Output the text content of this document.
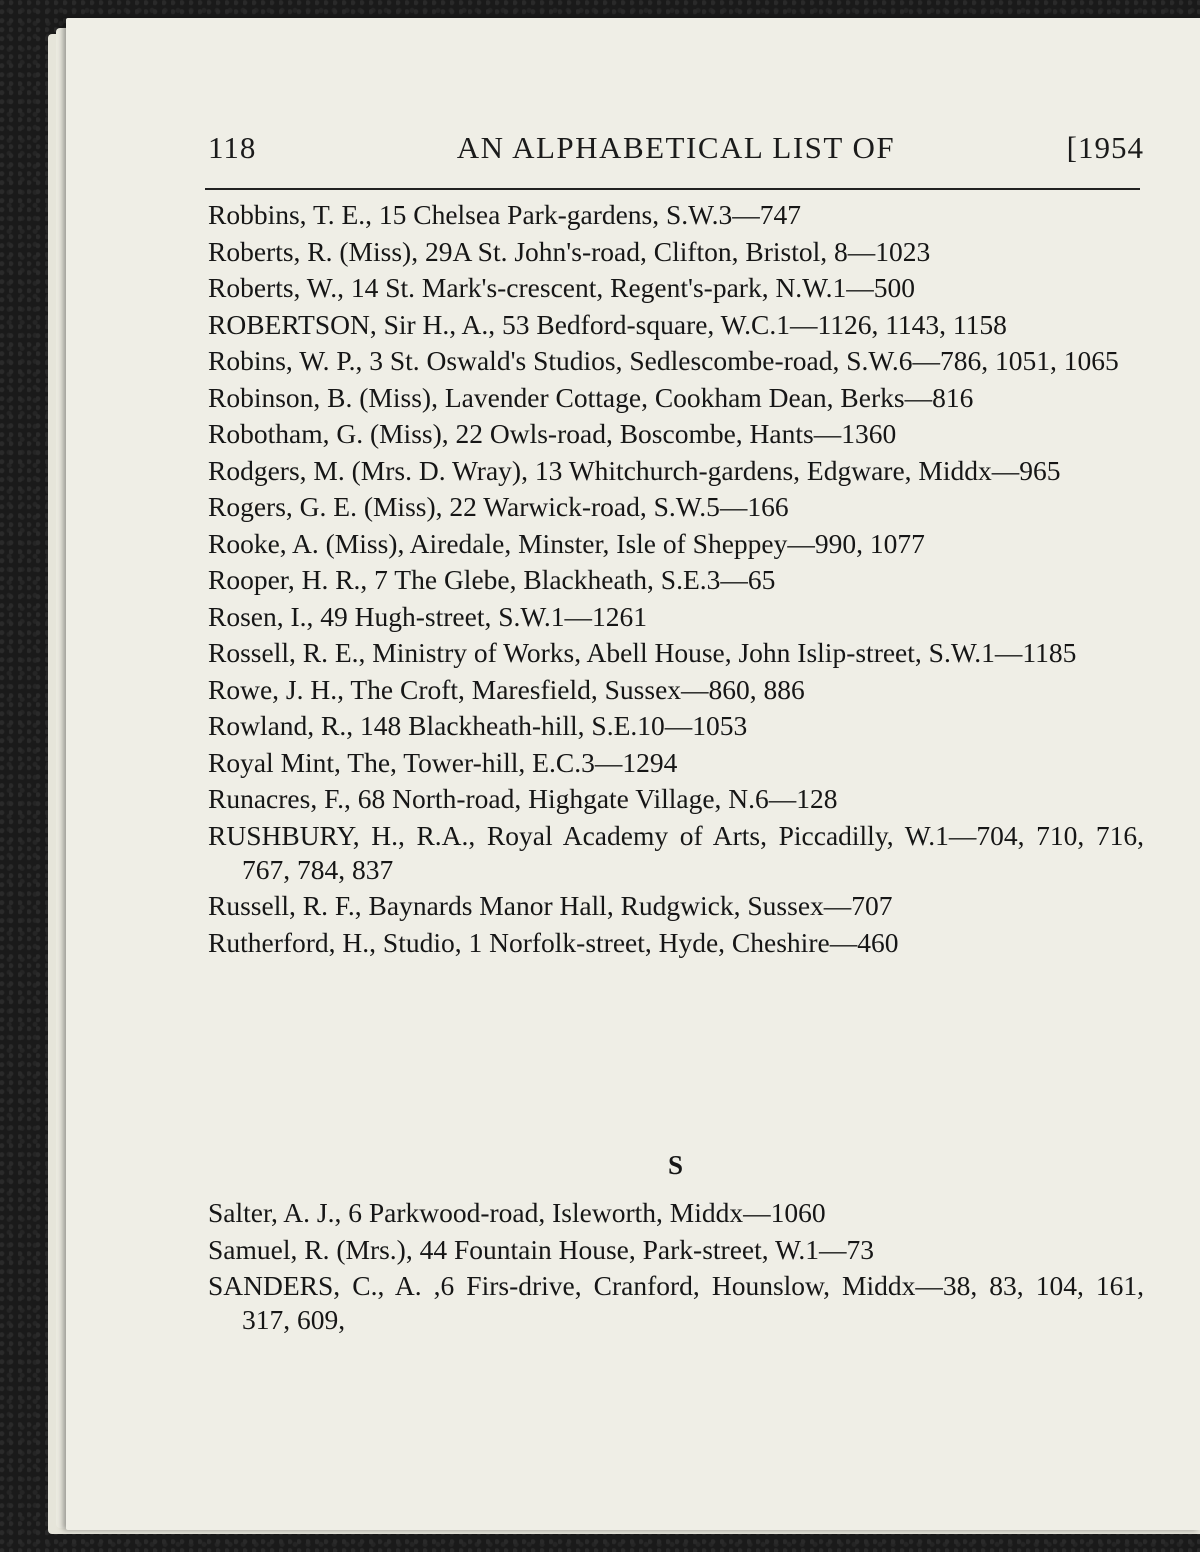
AN ALPHABETICAL LIST OF
118	[1954
Robbins, T. E., 15 Chelsea Park-gardens, S.W.3—747
Roberts, R. (Miss), 29A St. John's-road, Clifton, Bristol, 8—1023
Roberts, W., 14 St. Mark's-crescent, Regent's-park, N.W.1—500
ROBERTSON, Sir H., A., 53 Bedford-square, W.C.1—1126, 1143, 1158
Robins, W. P., 3 St. Oswald's Studios, Sedlescombe-road, S.W.6—786, 1051, 1065
Robinson, B. (Miss), Lavender Cottage, Cookham Dean, Berks—816
Robotham, G. (Miss), 22 Owls-road, Boscombe, Hants—1360
Rodgers, M. (Mrs. D. Wray), 13 Whitchurch-gardens, Edgware, Middx—965
Rogers, G. E. (Miss), 22 Warwick-road, S.W.5—166
Rooke, A. (Miss), Airedale, Minster, Isle of Sheppey—990, 1077
Rooper, H. R., 7 The Glebe, Blackheath, S.E.3—65
Rosen, I., 49 Hugh-street, S.W.1—1261
Rossell, R. E., Ministry of Works, Abell House, John Islip-street, S.W.1—1185
Rowe, J. H., The Croft, Maresfield, Sussex—860, 886
Rowland, R., 148 Blackheath-hill, S.E.10—1053
Royal Mint, The, Tower-hill, E.C.3—1294
Runacres, F., 68 North-road, Highgate Village, N.6—128
RUSHBURY, H., R.A., Royal Academy of Arts, Piccadilly, W.1—704, 710, 716, 767, 784, 837
Russell, R. F., Baynards Manor Hall, Rudgwick, Sussex—707
Rutherford, H., Studio, 1 Norfolk-street, Hyde, Cheshire—460
S
Salter, A. J., 6 Parkwood-road, Isleworth, Middx—1060
Samuel, R. (Mrs.), 44 Fountain House, Park-street, W.1—73
SANDERS, C., A. ,6 Firs-drive, Cranford, Hounslow, Middx—38, 83, 104, 161, 317, 609,
